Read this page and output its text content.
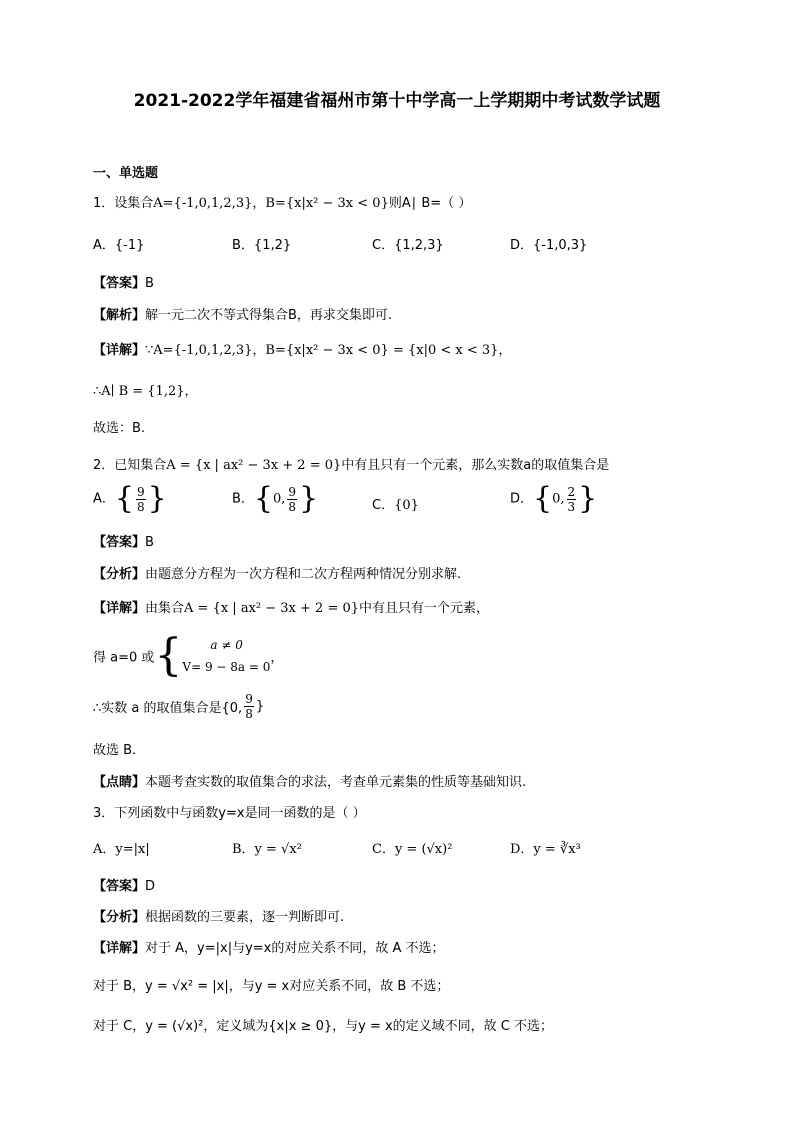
2021-2022学年福建省福州市第十中学高一上学期期中考试数学试题
一、单选题
1．设集合A={-1,0,1,2,3}，B={x|x² − 3x < 0}则A∣ B=（ ）
A．{-1}	B．{1,2}	C．{1,2,3}	D．{-1,0,3}
【答案】B
【解析】解一元二次不等式得集合B，再求交集即可.
【详解】∵A={-1,0,1,2,3}，B={x|x² − 3x < 0} = {x|0 < x < 3}，
∴A∣ B = {1,2}，
故选：B.
2．已知集合A = {x | ax² − 3x + 2 = 0}中有且只有一个元素，那么实数a的取值集合是
A．{ $\frac{9}{8}$ }	B．{0, $\frac{9}{8}$ }	C．{0}	D．{0, $\frac{2}{3}$ }
【答案】B
【分析】由题意分方程为一次方程和二次方程两种情况分别求解.
【详解】由集合A = {x | ax² − 3x + 2 = 0}中有且只有一个元素，
得 a=0 或 {	a ≠ 0
V= 9 − 8a = 0
，
∴实数 a 的取值集合是{0, $\frac{9}{8}$ }
故选 B．
【点睛】本题考查实数的取值集合的求法，考查单元素集的性质等基础知识.
3．下列函数中与函数y=x是同一函数的是（ ）
A．y=|x|	B．y = √x²	C．y = (√x)²	D．y = ∛x³
【答案】D
【分析】根据函数的三要素，逐一判断即可.
【详解】对于 A，y=|x|与y=x的对应关系不同，故 A 不选；
对于 B，y = √x² = |x|，与y = x对应关系不同，故 B 不选；
对于 C，y = (√x)²，定义域为{x|x ≥ 0}，与y = x的定义域不同，故 C 不选；
